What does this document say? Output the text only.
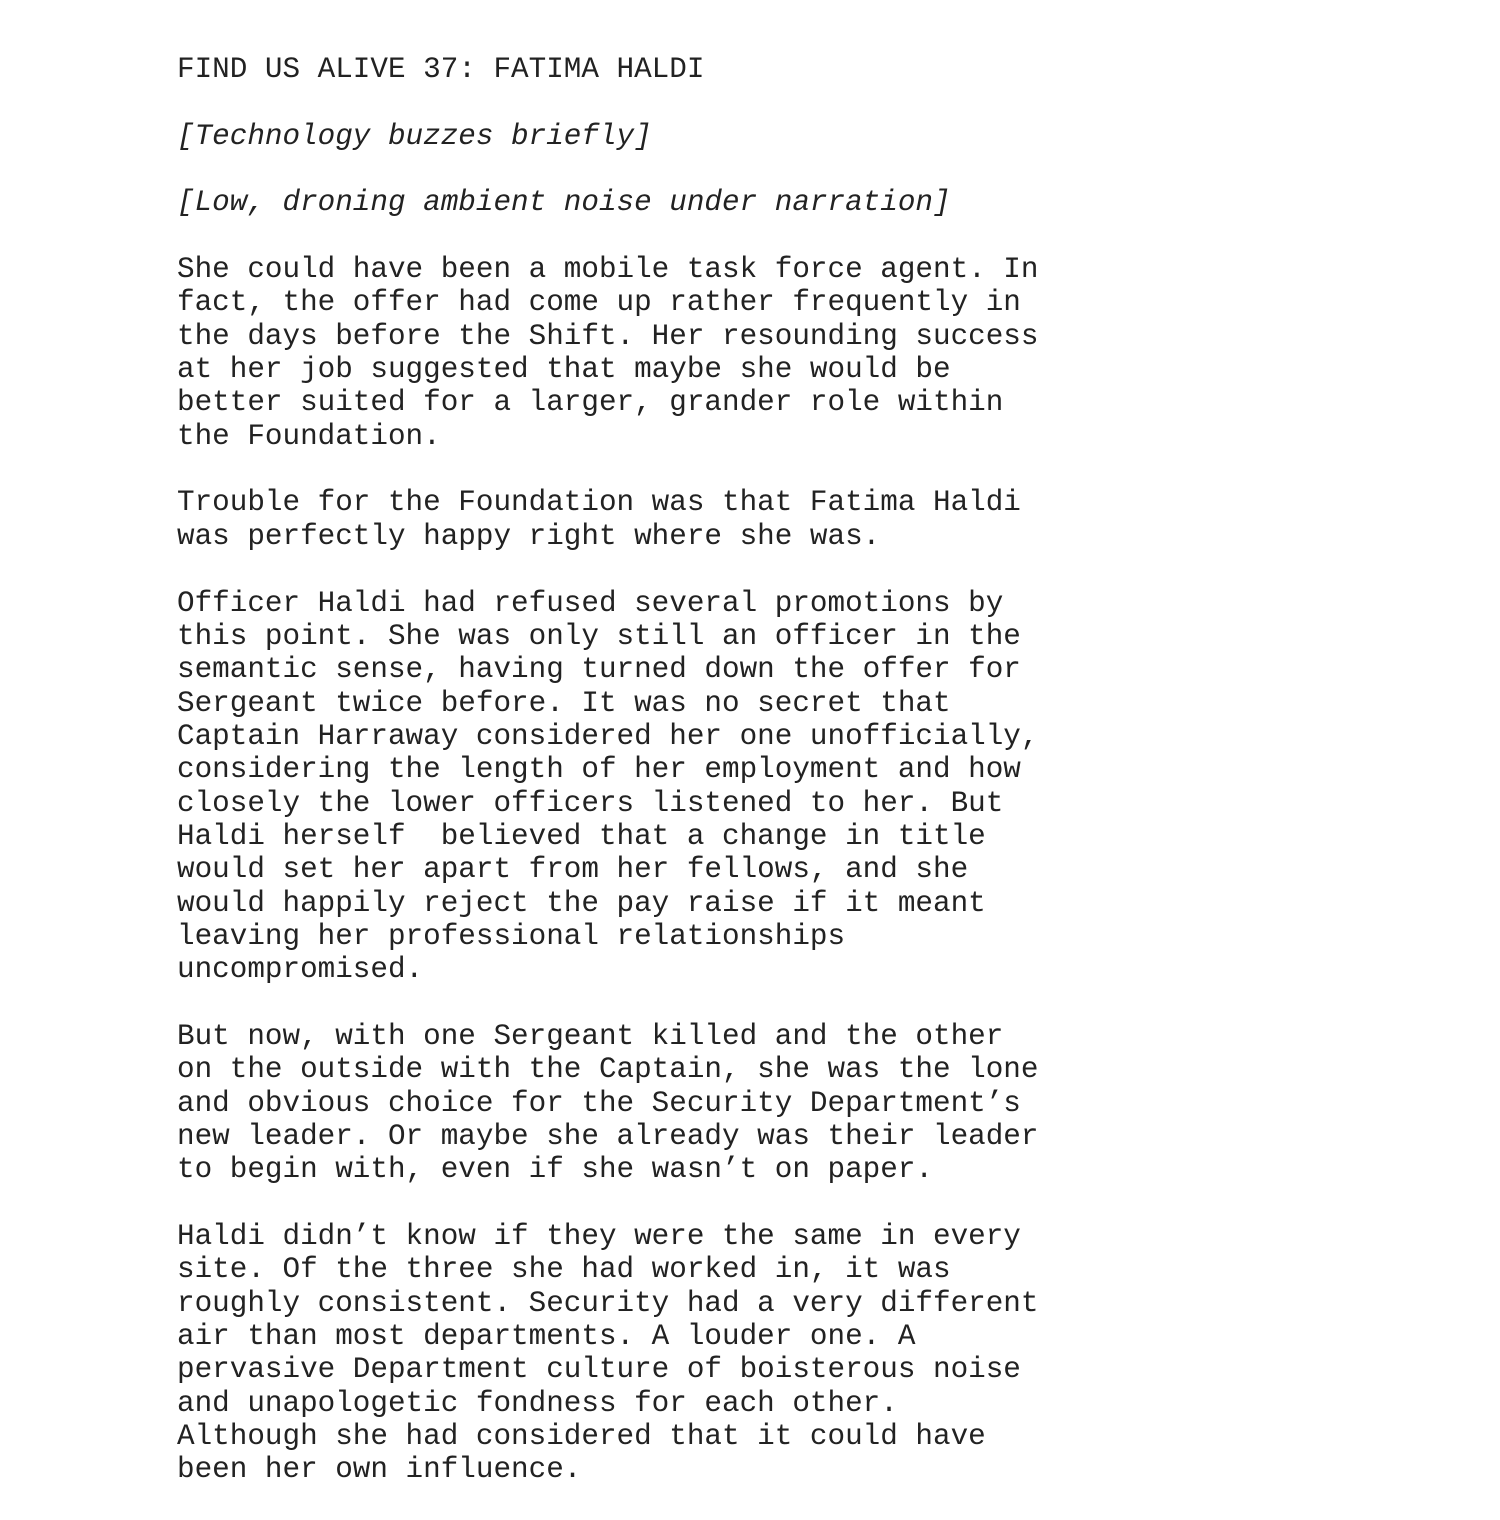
FIND US ALIVE 37: FATIMA HALDI
[Technology buzzes briefly]
[Low, droning ambient noise under narration]
She could have been a mobile task force agent. In
fact, the offer had come up rather frequently in
the days before the Shift. Her resounding success
at her job suggested that maybe she would be
better suited for a larger, grander role within
the Foundation.
Trouble for the Foundation was that Fatima Haldi
was perfectly happy right where she was.
Officer Haldi had refused several promotions by
this point. She was only still an officer in the
semantic sense, having turned down the offer for
Sergeant twice before. It was no secret that
Captain Harraway considered her one unofficially,
considering the length of her employment and how
closely the lower officers listened to her. But
Haldi herself  believed that a change in title
would set her apart from her fellows, and she
would happily reject the pay raise if it meant
leaving her professional relationships
uncompromised.
But now, with one Sergeant killed and the other
on the outside with the Captain, she was the lone
and obvious choice for the Security Department’s
new leader. Or maybe she already was their leader
to begin with, even if she wasn’t on paper.
Haldi didn’t know if they were the same in every
site. Of the three she had worked in, it was
roughly consistent. Security had a very different
air than most departments. A louder one. A
pervasive Department culture of boisterous noise
and unapologetic fondness for each other.
Although she had considered that it could have
been her own influence.
